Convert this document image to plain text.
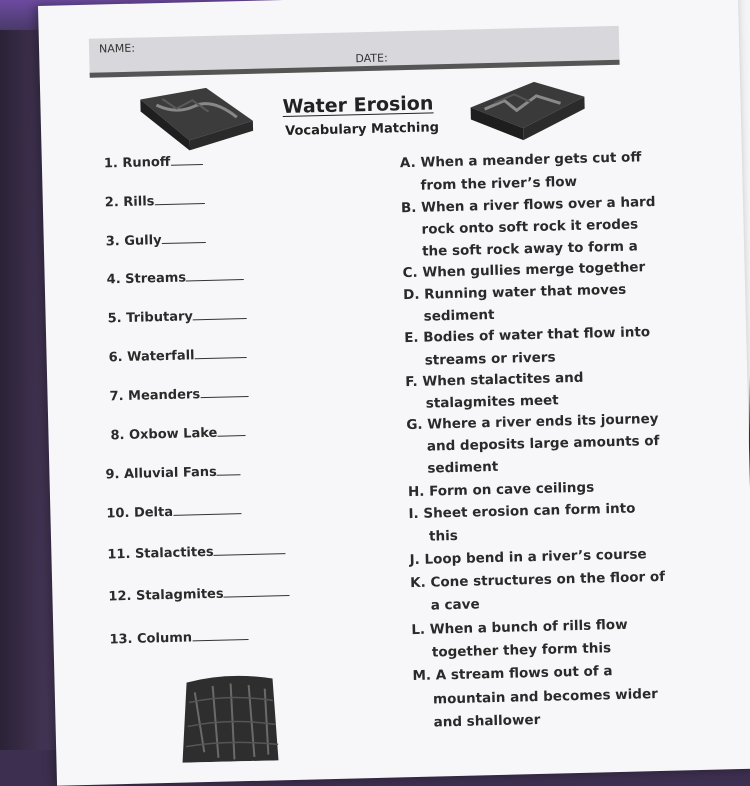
NAME:
DATE:
Water Erosion
Vocabulary Matching
1. Runoff
2. Rills
3. Gully
4. Streams
5. Tributary
6. Waterfall
7. Meanders
8. Oxbow Lake
9. Alluvial Fans
10. Delta
11. Stalactites
12. Stalagmites
13. Column
A. When a meander gets cut off
from the river’s flow
B. When a river flows over a hard
rock onto soft rock it erodes
the soft rock away to form a
C. When gullies merge together
D. Running water that moves
sediment
E. Bodies of water that flow into
streams or rivers
F. When stalactites and
stalagmites meet
G. Where a river ends its journey
and deposits large amounts of
sediment
H. Form on cave ceilings
I. Sheet erosion can form into
this
J. Loop bend in a river’s course
K. Cone structures on the floor of
a cave
L. When a bunch of rills flow
together they form this
M. A stream flows out of a
mountain and becomes wider
and shallower
